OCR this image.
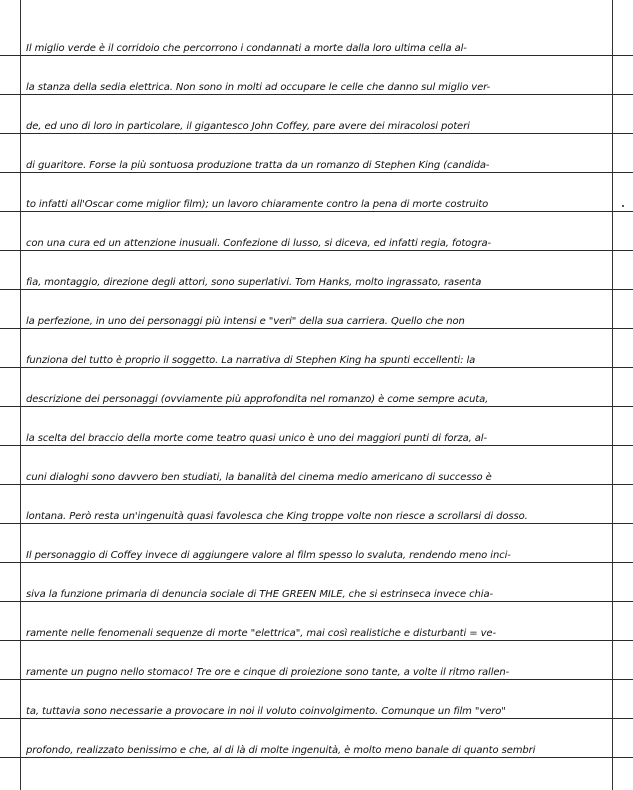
Il miglio verde è il corridoio che percorrono i condannati a morte dalla loro ultima cella al-
la stanza della sedia elettrica. Non sono in molti ad occupare le celle che danno sul miglio ver-
de, ed uno di loro in particolare, il gigantesco John Coffey, pare avere dei miracolosi poteri
di guaritore. Forse la più sontuosa produzione tratta da un romanzo di Stephen King (candida-
to infatti all'Oscar come miglior film); un lavoro chiaramente contro la pena di morte costruito
con una cura ed un attenzione inusuali. Confezione di lusso, si diceva, ed infatti regia, fotogra-
fia, montaggio, direzione degli attori, sono superlativi. Tom Hanks, molto ingrassato, rasenta
la perfezione, in uno dei personaggi più intensi e "veri" della sua carriera. Quello che non
funziona del tutto è proprio il soggetto. La narrativa di Stephen King ha spunti eccellenti: la
descrizione dei personaggi (ovviamente più approfondita nel romanzo) è come sempre acuta,
la scelta del braccio della morte come teatro quasi unico è uno dei maggiori punti di forza, al-
cuni dialoghi sono davvero ben studiati, la banalità del cinema medio americano di successo è
lontana. Però resta un'ingenuità quasi favolesca che King troppe volte non riesce a scrollarsi di dosso.
Il personaggio di Coffey invece di aggiungere valore al film spesso lo svaluta, rendendo meno inci-
siva la funzione primaria di denuncia sociale di THE GREEN MILE, che si estrinseca invece chia-
ramente nelle fenomenali sequenze di morte "elettrica", mai così realistiche e disturbanti = ve-
ramente un pugno nello stomaco! Tre ore e cinque di proiezione sono tante, a volte il ritmo rallen-
ta, tuttavia sono necessarie a provocare in noi il voluto coinvolgimento. Comunque un film "vero"
profondo, realizzato benissimo e che, al di là di molte ingenuità, è molto meno banale di quanto sembri
